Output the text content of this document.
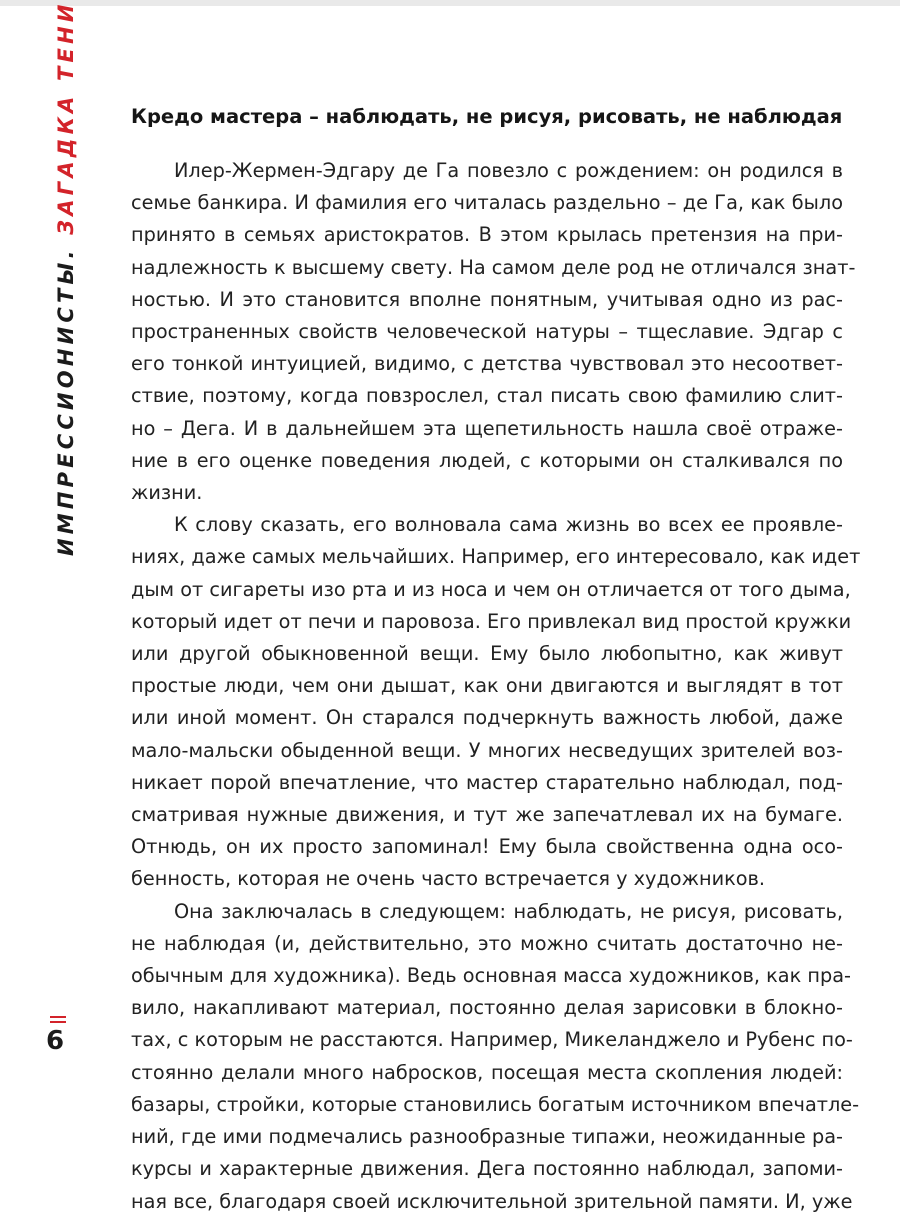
ИМПРЕССИОНИСТЫ. ЗАГАДКА ТЕНИ
6
Кредо мастера – наблюдать, не рисуя, рисовать, не наблюдая
Илер-Жермен-Эдгару де Га повезло с рождением: он родился в
семье банкира. И фамилия его читалась раздельно – де Га, как было
принято в семьях аристократов. В этом крылась претензия на при-
надлежность к высшему свету. На самом деле род не отличался знат-
ностью. И это становится вполне понятным, учитывая одно из рас-
пространенных свойств человеческой натуры – тщеславие. Эдгар с
его тонкой интуицией, видимо, с детства чувствовал это несоответ-
ствие, поэтому, когда повзрослел, стал писать свою фамилию слит-
но – Дега. И в дальнейшем эта щепетильность нашла своё отраже-
ние в его оценке поведения людей, с которыми он сталкивался по
жизни.
К слову сказать, его волновала сама жизнь во всех ее проявле-
ниях, даже самых мельчайших. Например, его интересовало, как идет
дым от сигареты изо рта и из носа и чем он отличается от того дыма,
который идет от печи и паровоза. Его привлекал вид простой кружки
или другой обыкновенной вещи. Ему было любопытно, как живут
простые люди, чем они дышат, как они двигаются и выглядят в тот
или иной момент. Он старался подчеркнуть важность любой, даже
мало-мальски обыденной вещи. У многих несведущих зрителей воз-
никает порой впечатление, что мастер старательно наблюдал, под-
сматривая нужные движения, и тут же запечатлевал их на бумаге.
Отнюдь, он их просто запоминал! Ему была свойственна одна осо-
бенность, которая не очень часто встречается у художников.
Она заключалась в следующем: наблюдать, не рисуя, рисовать,
не наблюдая (и, действительно, это можно считать достаточно не-
обычным для художника). Ведь основная масса художников, как пра-
вило, накапливают материал, постоянно делая зарисовки в блокно-
тах, с которым не расстаются. Например, Микеланджело и Рубенс по-
стоянно делали много набросков, посещая места скопления людей:
базары, стройки, которые становились богатым источником впечатле-
ний, где ими подмечались разнообразные типажи, неожиданные ра-
курсы и характерные движения. Дега постоянно наблюдал, запоми-
ная все, благодаря своей исключительной зрительной памяти. И, уже
